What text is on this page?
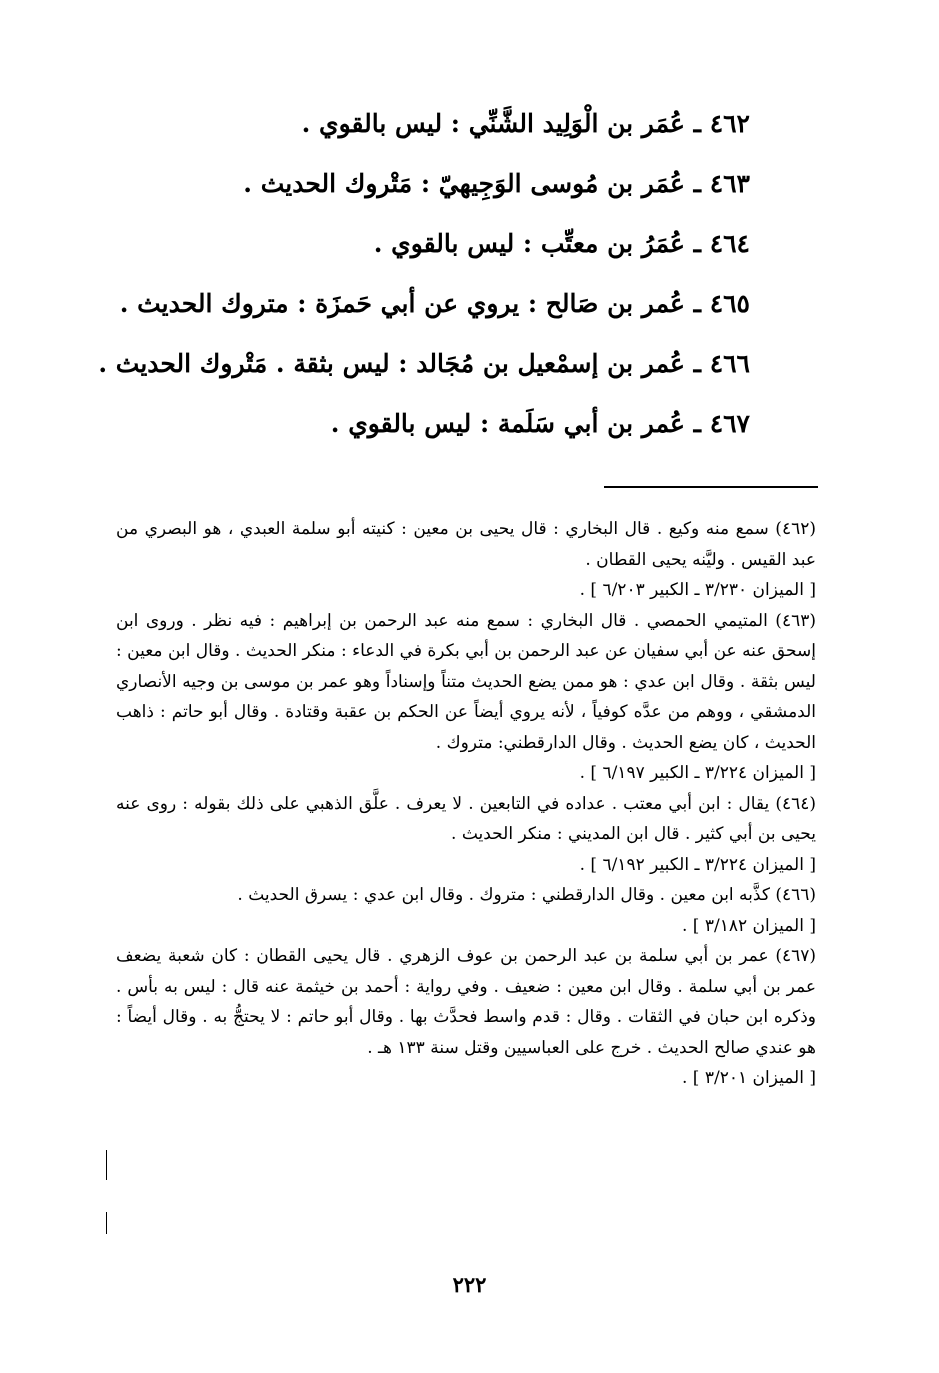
٤٦٢ ـ عُمَر بن الْوَلِيد الشَّنِّي : ليس بالقوي .
٤٦٣ ـ عُمَر بن مُوسى الوَجِيهيّ : مَتْروك الحديث .
٤٦٤ ـ عُمَرُ بن معتِّب : ليس بالقوي .
٤٦٥ ـ عُمر بن صَالح : يروي عن أبي حَمزَة : متروك الحديث .
٤٦٦ ـ عُمر بن إسمْعيل بن مُجَالد : ليس بثقة . مَتْروك الحديث .
٤٦٧ ـ عُمر بن أبي سَلَمة : ليس بالقوي .

(٤٦٢) سمع منه وكيع . قال البخاري : قال يحيى بن معين : كنيته أبو سلمة العبدي ، هو البصري من عبد القيس . وليَّنه يحيى القطان .

[ الميزان ٣/٢٣٠ ـ الكبير ٦/٢٠٣ ] .

(٤٦٣) المتيمي الحمصي . قال البخاري : سمع منه عبد الرحمن بن إبراهيم : فيه نظر . وروى ابن إسحق عنه عن أبي سفيان عن عبد الرحمن بن أبي بكرة في الدعاء : منكر الحديث . وقال ابن معين : ليس بثقة . وقال ابن عدي : هو ممن يضع الحديث متناً وإسناداً وهو عمر بن موسى بن وجيه الأنصاري الدمشقي ، ووهم من عدَّه كوفياً ، لأنه يروي أيضاً عن الحكم بن عقبة وقتادة . وقال أبو حاتم : ذاهب الحديث ، كان يضع الحديث . وقال الدارقطني: متروك .

[ الميزان ٣/٢٢٤ ـ الكبير ٦/١٩٧ ] .

(٤٦٤) يقال : ابن أبي معتب . عداده في التابعين . لا يعرف . علَّق الذهبي على ذلك بقوله : روى عنه يحيى بن أبي كثير . قال ابن المديني : منكر الحديث .

[ الميزان ٣/٢٢٤ ـ الكبير ٦/١٩٢ ] .

(٤٦٦) كذَّبه ابن معين . وقال الدارقطني : متروك . وقال ابن عدي : يسرق الحديث .

[ الميزان ٣/١٨٢ ] .

(٤٦٧) عمر بن أبي سلمة بن عبد الرحمن بن عوف الزهري . قال يحيى القطان : كان شعبة يضعف عمر بن أبي سلمة . وقال ابن معين : ضعيف . وفي رواية : أحمد بن خيثمة عنه قال : ليس به بأس . وذكره ابن حبان في الثقات . وقال : قدم واسط فحدَّث بها . وقال أبو حاتم : لا يحتجُّ به . وقال أيضاً : هو عندي صالح الحديث . خرج على العباسيين وقتل سنة ١٣٣ هـ .

[ الميزان ٣/٢٠١ ] .

٢٢٢
